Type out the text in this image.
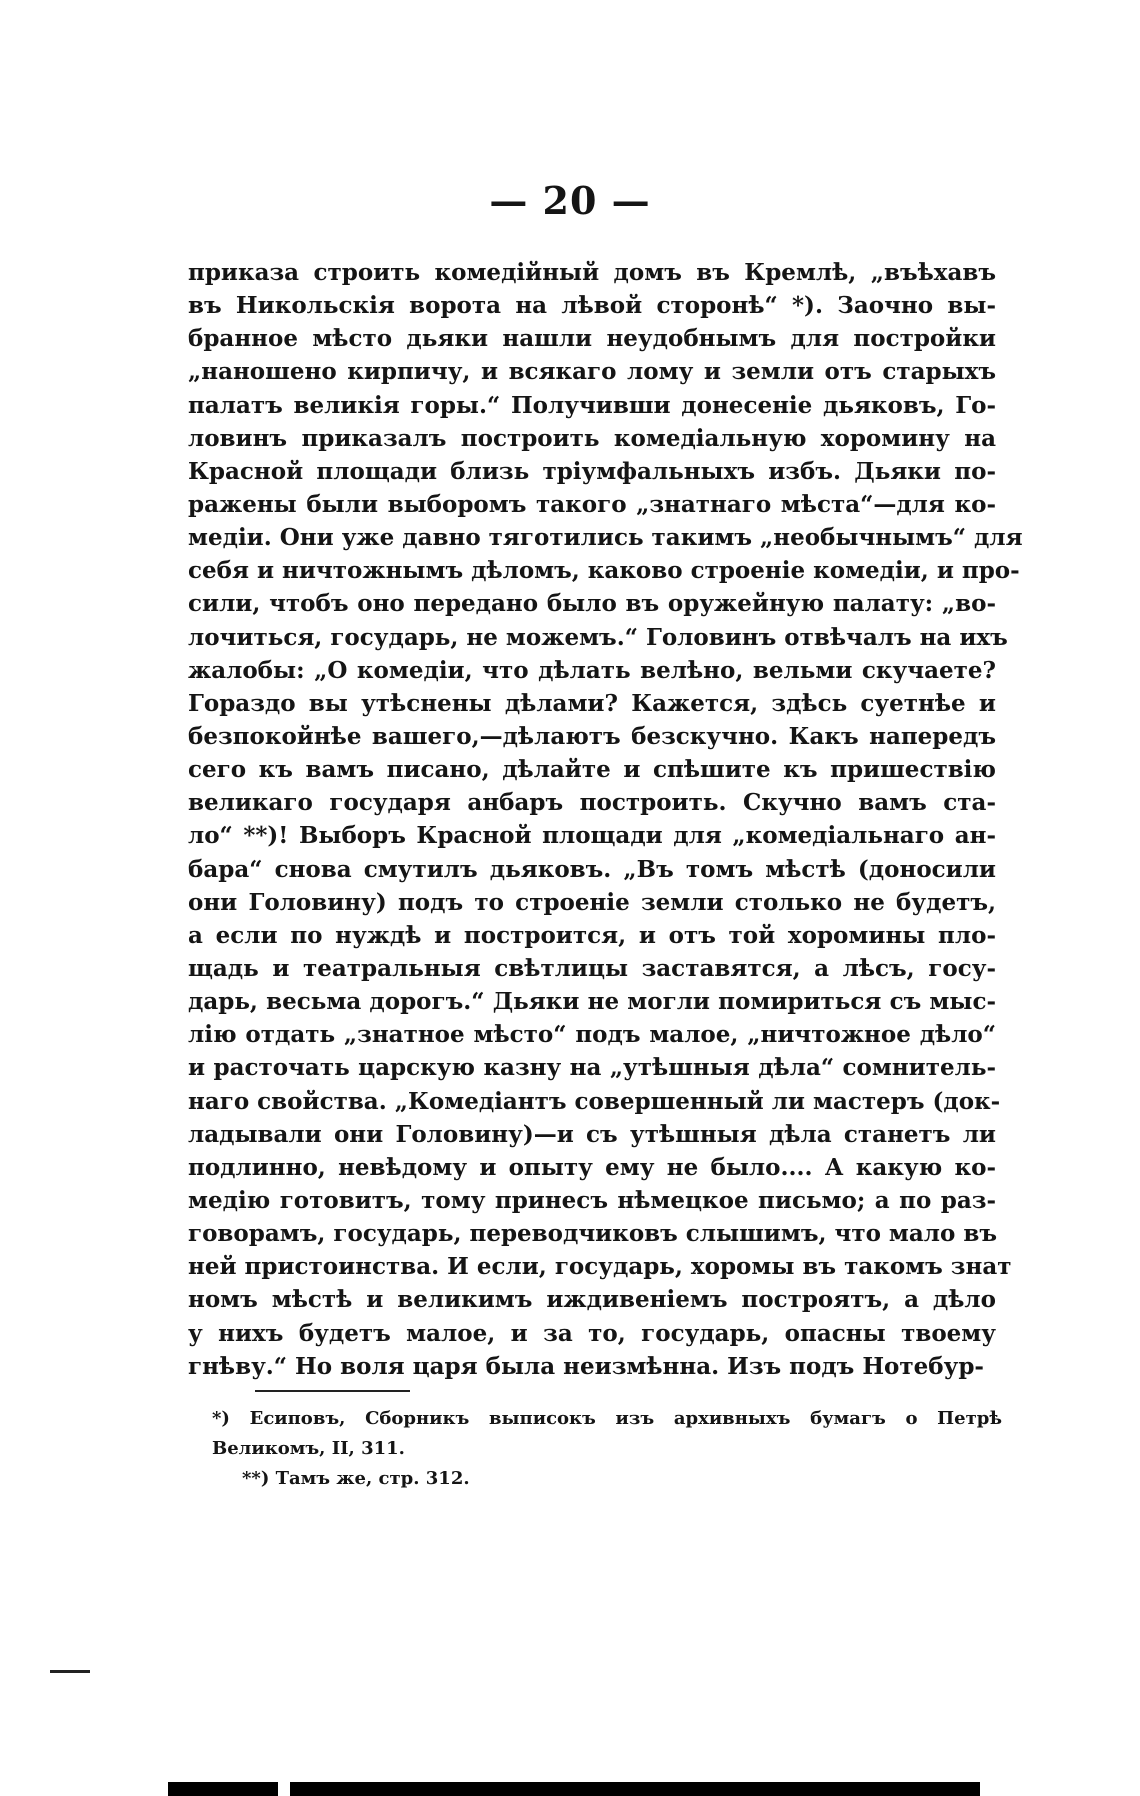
— 20 —
приказа строить комедійный домъ въ Кремлѣ, „въѣхавъ
въ Никольскія ворота на лѣвой сторонѣ“ *). Заочно вы-
бранное мѣсто дьяки нашли неудобнымъ для постройки
„наношено кирпичу, и всякаго лому и земли отъ старыхъ
палатъ великія горы.“ Получивши донесеніе дьяковъ, Го-
ловинъ приказалъ построить комедіальную хоромину на
Красной площади близь тріумфальныхъ избъ. Дьяки по-
ражены были выборомъ такого „знатнаго мѣста“—для ко-
медіи. Они уже давно тяготились такимъ „необычнымъ“ для
себя и ничтожнымъ дѣломъ, каково строеніе комедіи, и про-
сили, чтобъ оно передано было въ оружейную палату: „во-
лочиться, государь, не можемъ.“ Головинъ отвѣчалъ на ихъ
жалобы: „О комедіи, что дѣлать велѣно, вельми скучаете?
Гораздо вы утѣснены дѣлами? Кажется, здѣсь суетнѣе и
безпокойнѣе вашего,—дѣлаютъ безскучно. Какъ напередъ
сего къ вамъ писано, дѣлайте и спѣшите къ пришествію
великаго государя анбаръ построить. Скучно вамъ ста-
ло“ **)! Выборъ Красной площади для „комедіальнаго ан-
бара“ снова смутилъ дьяковъ. „Въ томъ мѣстѣ (доносили
они Головину) подъ то строеніе земли столько не будетъ,
а если по нуждѣ и построится, и отъ той хоромины пло-
щадь и театральныя свѣтлицы заставятся, а лѣсъ, госу-
дарь, весьма дорогъ.“ Дьяки не могли помириться съ мыс-
лію отдать „знатное мѣсто“ подъ малое, „ничтожное дѣло“
и расточать царскую казну на „утѣшныя дѣла“ сомнитель-
наго свойства. „Комедіантъ совершенный ли мастеръ (док-
ладывали они Головину)—и съ утѣшныя дѣла станетъ ли
подлинно, невѣдому и опыту ему не было.... А какую ко-
медію готовитъ, тому принесъ нѣмецкое письмо; а по раз-
говорамъ, государь, переводчиковъ слышимъ, что мало въ
ней пристоинства. И если, государь, хоромы въ такомъ знат
номъ мѣстѣ и великимъ иждивеніемъ построятъ, а дѣло
у нихъ будетъ малое, и за то, государь, опасны твоему
гнѣву.“ Но воля царя была неизмѣнна. Изъ подъ Нотебур-
*) Есиповъ, Сборникъ выписокъ изъ архивныхъ бумагъ о Петрѣ
Великомъ, II, 311.
**) Тамъ же, стр. 312.
